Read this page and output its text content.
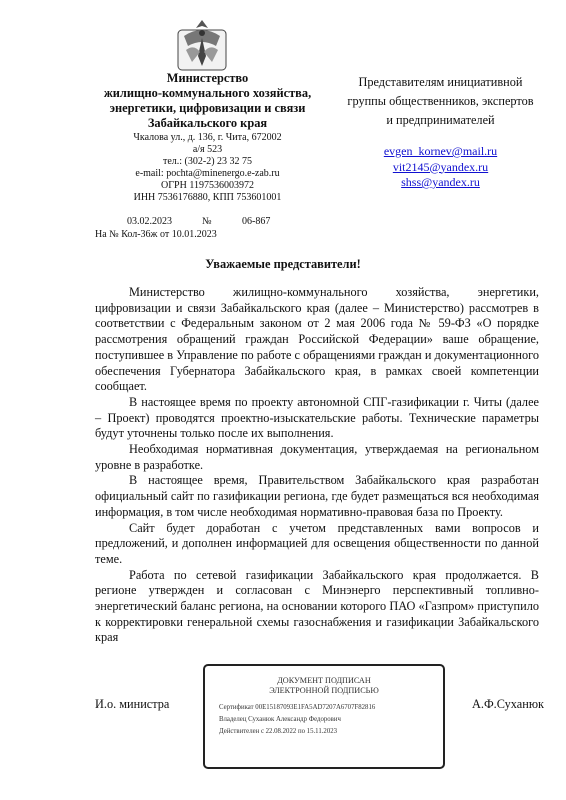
Министерство
жилищно-коммунального хозяйства,
энергетики, цифровизации и связи
Забайкальского края
Чкалова ул., д. 136, г. Чита, 672002
а/я 523
тел.: (302-2) 23 32 75
e-mail: pochta@minenergo.e-zab.ru
ОГРН 1197536003972
ИНН 7536176880, КПП 753601001
03.02.2023	№	06-867
На № Кол-36ж от 10.01.2023
Представителям инициативной
группы общественников, экспертов
и предпринимателей
evgen_kornev@mail.ru
vit2145@yandex.ru
shss@yandex.ru
Уважаемые представители!

Министерство жилищно-коммунального хозяйства, энергетики, цифровизации и связи Забайкальского края (далее – Министерство) рассмотрев в соответствии с Федеральным законом от 2 мая 2006 года № 59-ФЗ «О порядке рассмотрения обращений граждан Российской Федерации» ваше обращение, поступившее в Управление по работе с обращениями граждан и документационного обеспечения Губернатора Забайкальского края, в рамках своей компетенции сообщает.

В настоящее время по проекту автономной СПГ-газификации г. Читы (далее – Проект) проводятся проектно-изыскательские работы. Технические параметры будут уточнены только после их выполнения.

Необходимая нормативная документация, утверждаемая на региональном уровне в разработке.

В настоящее время, Правительством Забайкальского края разработан официальный сайт по газификации региона, где будет размещаться вся необходимая информация, в том числе необходимая нормативно-правовая база по Проекту.

Сайт будет доработан с учетом представленных вами вопросов и предложений, и дополнен информацией для освещения общественности по данной теме.

Работа по сетевой газификации Забайкальского края продолжается. В регионе утвержден и согласован с Минэнерго перспективный топливно-энергетический баланс региона, на основании которого ПАО «Газпром» приступило к корректировки генеральной схемы газоснабжения и газификации Забайкальского края

И.о. министра	А.Ф.Суханюк
ДОКУМЕНТ ПОДПИСАН
ЭЛЕКТРОННОЙ ПОДПИСЬЮ
Сертификат 00E15187093E1FA5AD7207A6707F82816
Владелец Суханюк Александр Федорович
Действителен с 22.08.2022 по 15.11.2023
